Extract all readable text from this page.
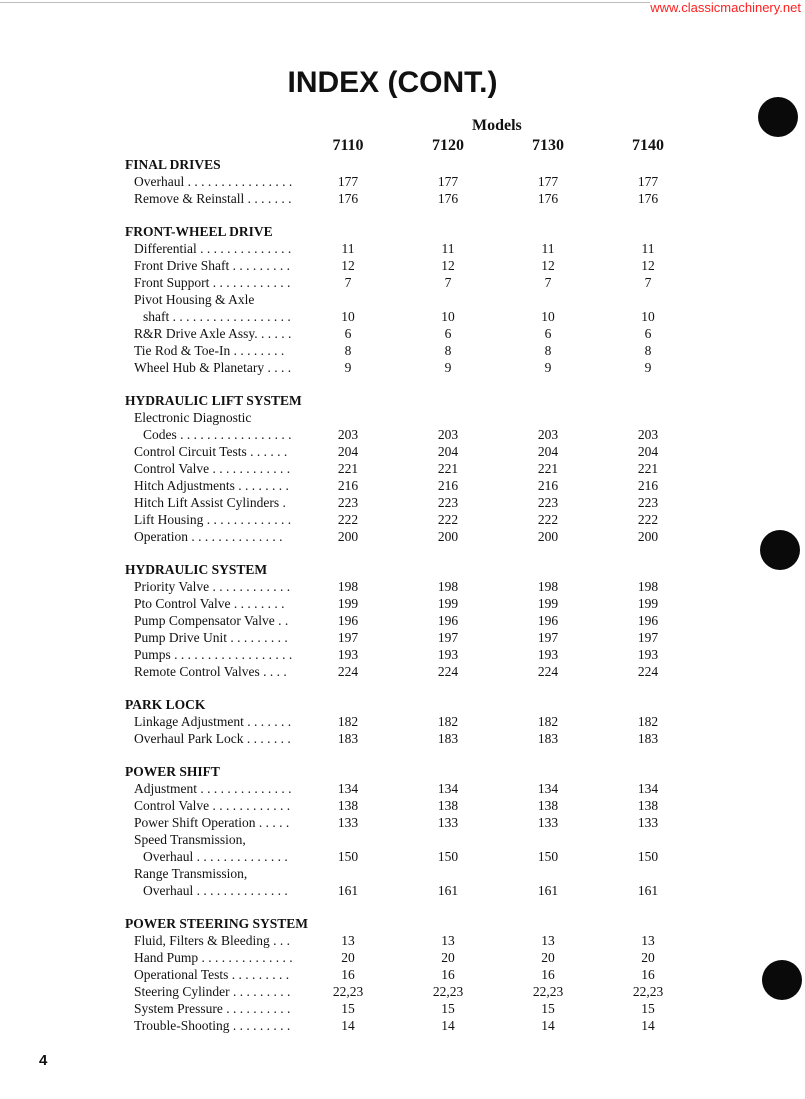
www.classicmachinery.net
INDEX (CONT.)
Models
7110	7120	7130	7140
FINAL DRIVES
Overhaul . . . . . . . . . . . . . . . .	177	177	177	177
Remove & Reinstall . . . . . . .	176	176	176	176
FRONT-WHEEL DRIVE
Differential . . . . . . . . . . . . . .	11	11	11	11
Front Drive Shaft . . . . . . . . .	12	12	12	12
Front Support . . . . . . . . . . . .	7	7	7	7
Pivot Housing & Axle
shaft . . . . . . . . . . . . . . . . . .	10	10	10	10
R&R Drive Axle Assy. . . . . .	6	6	6	6
Tie Rod & Toe-In . . . . . . . .	8	8	8	8
Wheel Hub & Planetary . . . .	9	9	9	9
HYDRAULIC LIFT SYSTEM
Electronic Diagnostic
Codes . . . . . . . . . . . . . . . . .	203	203	203	203
Control Circuit Tests . . . . . .	204	204	204	204
Control Valve . . . . . . . . . . . .	221	221	221	221
Hitch Adjustments . . . . . . . .	216	216	216	216
Hitch Lift Assist Cylinders .	223	223	223	223
Lift Housing . . . . . . . . . . . . .	222	222	222	222
Operation . . . . . . . . . . . . . .	200	200	200	200
HYDRAULIC SYSTEM
Priority Valve . . . . . . . . . . . .	198	198	198	198
Pto Control Valve . . . . . . . .	199	199	199	199
Pump Compensator Valve . .	196	196	196	196
Pump Drive Unit . . . . . . . . .	197	197	197	197
Pumps . . . . . . . . . . . . . . . . . .	193	193	193	193
Remote Control Valves . . . .	224	224	224	224
PARK LOCK
Linkage Adjustment . . . . . . .	182	182	182	182
Overhaul Park Lock . . . . . . .	183	183	183	183
POWER SHIFT
Adjustment . . . . . . . . . . . . . .	134	134	134	134
Control Valve . . . . . . . . . . . .	138	138	138	138
Power Shift Operation . . . . .	133	133	133	133
Speed Transmission,
Overhaul . . . . . . . . . . . . . .	150	150	150	150
Range Transmission,
Overhaul . . . . . . . . . . . . . .	161	161	161	161
POWER STEERING SYSTEM
Fluid, Filters & Bleeding . . .	13	13	13	13
Hand Pump . . . . . . . . . . . . . .	20	20	20	20
Operational Tests . . . . . . . . .	16	16	16	16
Steering Cylinder . . . . . . . . .	22,23	22,23	22,23	22,23
System Pressure . . . . . . . . . .	15	15	15	15
Trouble-Shooting . . . . . . . . .	14	14	14	14
4
